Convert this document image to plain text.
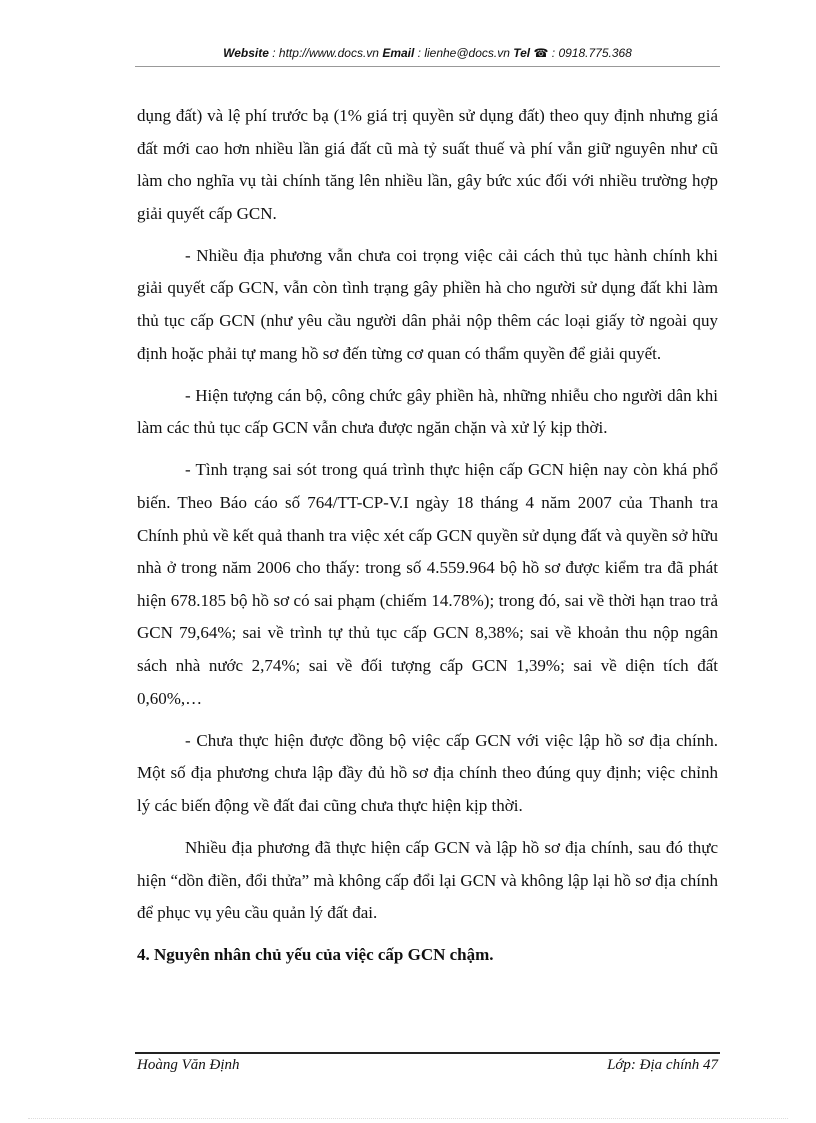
Website : http://www.docs.vn Email : lienhe@docs.vn Tel ☎ : 0918.775.368

dụng đất) và lệ phí trước bạ (1% giá trị quyền sử dụng đất) theo quy định nhưng giá đất mới cao hơn nhiều lần giá đất cũ mà tỷ suất thuế và phí vẫn giữ nguyên như cũ làm cho nghĩa vụ tài chính tăng lên nhiều lần, gây bức xúc đối với nhiều trường hợp giải quyết cấp GCN.

- Nhiều địa phương vẫn chưa coi trọng việc cải cách thủ tục hành chính khi giải quyết cấp GCN, vẫn còn tình trạng gây phiền hà cho người sử dụng đất khi làm thủ tục cấp GCN (như yêu cầu người dân phải nộp thêm các loại giấy tờ ngoài quy định hoặc phải tự mang hồ sơ đến từng cơ quan có thẩm quyền để giải quyết.

- Hiện tượng cán bộ, công chức gây phiền hà, những nhiễu cho người dân khi làm các thủ tục cấp GCN vẫn chưa được ngăn chặn và xử lý kịp thời.

- Tình trạng sai sót trong quá trình thực hiện cấp GCN hiện nay còn khá phổ biến. Theo Báo cáo số 764/TT-CP-V.I ngày 18 tháng 4 năm 2007 của Thanh tra Chính phủ về kết quả thanh tra việc xét cấp GCN quyền sử dụng đất và quyền sở hữu nhà ở trong năm 2006 cho thấy: trong số 4.559.964 bộ hồ sơ được kiểm tra đã phát hiện 678.185 bộ hồ sơ có sai phạm (chiếm 14.78%); trong đó, sai về thời hạn trao trả GCN 79,64%; sai về trình tự thủ tục cấp GCN 8,38%; sai về khoản thu nộp ngân sách nhà nước 2,74%; sai về đối tượng cấp GCN 1,39%; sai về diện tích đất 0,60%,…

- Chưa thực hiện được đồng bộ việc cấp GCN với việc lập hồ sơ địa chính. Một số địa phương chưa lập đầy đủ hồ sơ địa chính theo đúng quy định; việc chỉnh lý các biến động về đất đai cũng chưa thực hiện kịp thời.

Nhiều địa phương đã thực hiện cấp GCN và lập hồ sơ địa chính, sau đó thực hiện “dồn điền, đổi thửa” mà không cấp đổi lại GCN và không lập lại hồ sơ địa chính để phục vụ yêu cầu quản lý đất đai.

4. Nguyên nhân chủ yếu của việc cấp GCN chậm.

Hoàng Văn Định	Lớp: Địa chính 47
